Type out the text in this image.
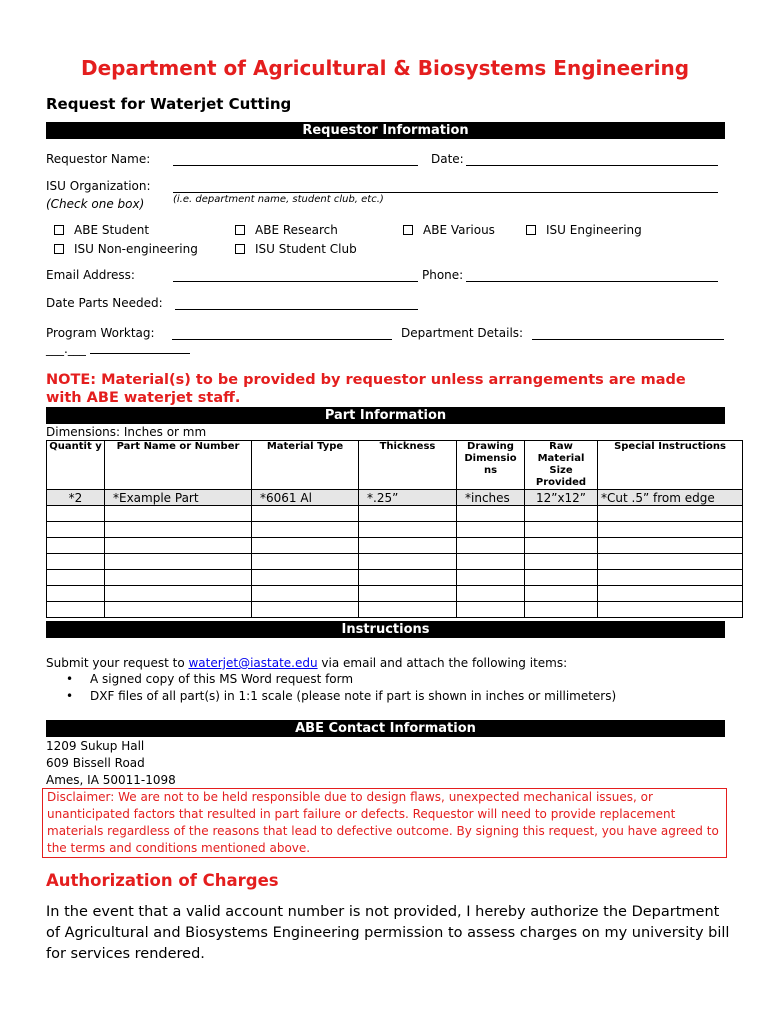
Department of Agricultural & Biosystems Engineering
Request for Waterjet Cutting
Requestor Information
Requestor Name:	Date:
ISU Organization:
(Check one box)	(i.e. department name, student club, etc.)
ABE Student	ABE Research	ABE Various	ISU Engineering
ISU Non-engineering	ISU Student Club
Email Address:	Phone:
Date Parts Needed:
Program Worktag:	Department Details:
___.___
NOTE: Material(s) to be provided by requestor unless arrangements are made with ABE waterjet staff.
Part Information
Dimensions: Inches or mm
Quantit y	Part Name or Number	Material Type	Thickness	Drawing Dimensio ns	Raw Material Size Provided	Special Instructions
*2	*Example Part	*6061 Al	*.25”	*inches	12”x12”	*Cut .5” from edge

Instructions
Submit your request to waterjet@iastate.edu via email and attach the following items:
• A signed copy of this MS Word request form
• DXF files of all part(s) in 1:1 scale (please note if part is shown in inches or millimeters)
ABE Contact Information
1209 Sukup Hall
609 Bissell Road
Ames, IA 50011-1098
Disclaimer: We are not to be held responsible due to design flaws, unexpected mechanical issues, or unanticipated factors that resulted in part failure or defects. Requestor will need to provide replacement materials regardless of the reasons that lead to defective outcome. By signing this request, you have agreed to the terms and conditions mentioned above.
Authorization of Charges
In the event that a valid account number is not provided, I hereby authorize the Department of Agricultural and Biosystems Engineering permission to assess charges on my university bill for services rendered.
